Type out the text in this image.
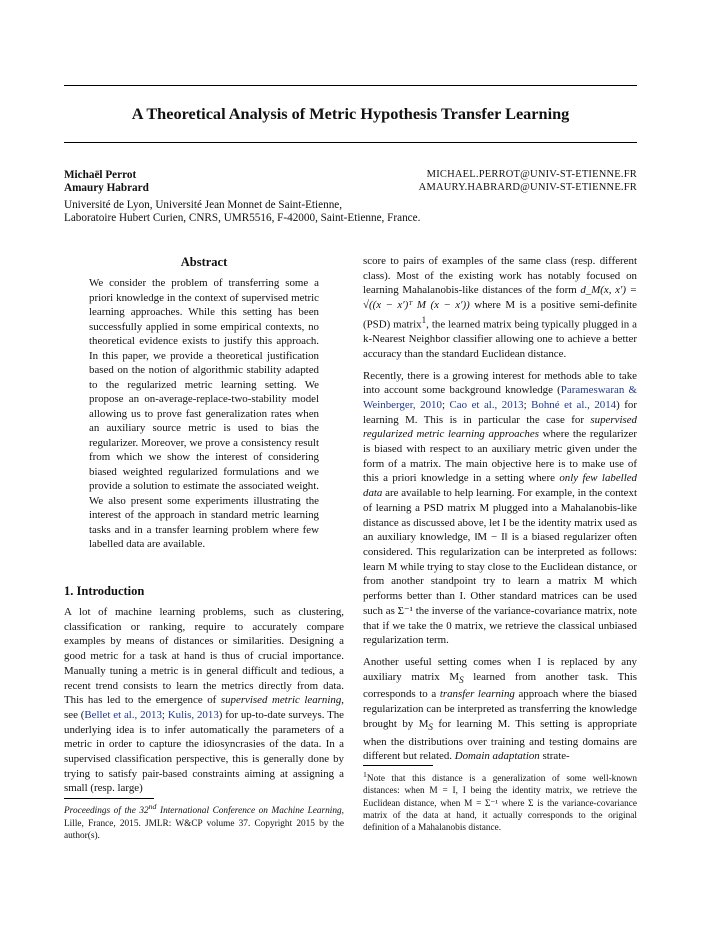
A Theoretical Analysis of Metric Hypothesis Transfer Learning
Michaël Perrot	MICHAEL.PERROT@UNIV-ST-ETIENNE.FR
Amaury Habrard	AMAURY.HABRARD@UNIV-ST-ETIENNE.FR
Université de Lyon, Université Jean Monnet de Saint-Etienne,
Laboratoire Hubert Curien, CNRS, UMR5516, F-42000, Saint-Etienne, France.
Abstract

We consider the problem of transferring some a priori knowledge in the context of supervised metric learning approaches. While this setting has been successfully applied in some empirical contexts, no theoretical evidence exists to justify this approach. In this paper, we provide a theoretical justification based on the notion of algorithmic stability adapted to the regularized metric learning setting. We propose an on-average-replace-two-stability model allowing us to prove fast generalization rates when an auxiliary source metric is used to bias the regularizer. Moreover, we prove a consistency result from which we show the interest of considering biased weighted regularized formulations and we provide a solution to estimate the associated weight. We also present some experiments illustrating the interest of the approach in standard metric learning tasks and in a transfer learning problem where few labelled data are available.

1. Introduction

A lot of machine learning problems, such as clustering, classification or ranking, require to accurately compare examples by means of distances or similarities. Designing a good metric for a task at hand is thus of crucial importance. Manually tuning a metric is in general difficult and tedious, a recent trend consists to learn the metrics directly from data. This has led to the emergence of supervised metric learning, see (Bellet et al., 2013; Kulis, 2013) for up-to-date surveys. The underlying idea is to infer automatically the parameters of a metric in order to capture the idiosyncrasies of the data. In a supervised classification perspective, this is generally done by trying to satisfy pair-based constraints aiming at assigning a small (resp. large)

Proceedings of the 32nd International Conference on Machine Learning, Lille, France, 2015. JMLR: W&CP volume 37. Copyright 2015 by the author(s).

score to pairs of examples of the same class (resp. different class). Most of the existing work has notably focused on learning Mahalanobis-like distances of the form d_M(x, x′) = √((x − x′)ᵀ M (x − x′)) where M is a positive semi-definite (PSD) matrix$^1$, the learned matrix being typically plugged in a k-Nearest Neighbor classifier allowing one to achieve a better accuracy than the standard Euclidean distance.

Recently, there is a growing interest for methods able to take into account some background knowledge (Parameswaran & Weinberger, 2010; Cao et al., 2013; Bohné et al., 2014) for learning M. This is in particular the case for supervised regularized metric learning approaches where the regularizer is biased with respect to an auxiliary metric given under the form of a matrix. The main objective here is to make use of this a priori knowledge in a setting where only few labelled data are available to help learning. For example, in the context of learning a PSD matrix M plugged into a Mahalanobis-like distance as discussed above, let I be the identity matrix used as an auxiliary knowledge, ‖M − I‖ is a biased regularizer often considered. This regularization can be interpreted as follows: learn M while trying to stay close to the Euclidean distance, or from another standpoint try to learn a matrix M which performs better than I. Other standard matrices can be used such as Σ⁻¹ the inverse of the variance-covariance matrix, note that if we take the 0 matrix, we retrieve the classical unbiased regularization term.

Another useful setting comes when I is replaced by any auxiliary matrix $M_S$ learned from another task. This corresponds to a transfer learning approach where the biased regularization can be interpreted as transferring the knowledge brought by $M_S$ for learning M. This setting is appropriate when the distributions over training and testing domains are different but related. Domain adaptation strate-

$^1$Note that this distance is a generalization of some well-known distances: when M = I, I being the identity matrix, we retrieve the Euclidean distance, when M = Σ⁻¹ where Σ is the variance-covariance matrix of the data at hand, it actually corresponds to the original definition of a Mahalanobis distance.
